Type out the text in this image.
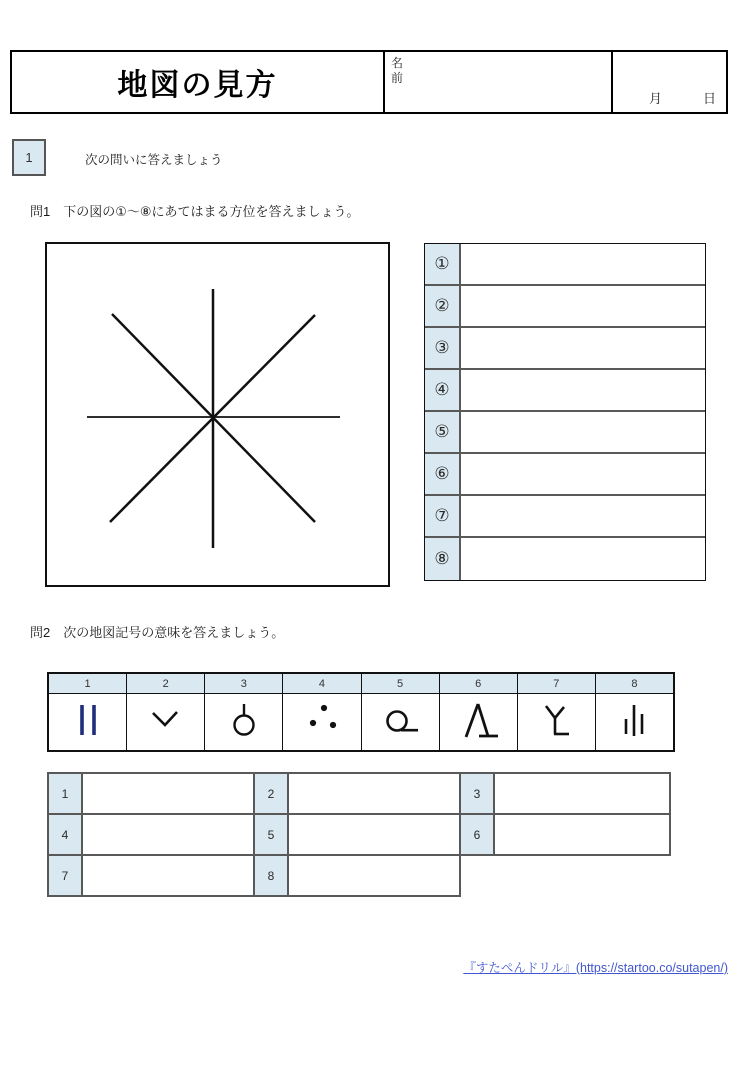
地図の見方
名前
月	日
1	次の問いに答えましょう
問1　下の図の①～⑧にあてはまる方位を答えましょう。
①
②
③
④
⑤
⑥
⑦
⑧
問2　次の地図記号の意味を答えましょう。
1	2	3	4	5	6	7	8
1	2	3
4	5	6
7	8
『すたぺんドリル』(https://startoo.co/sutapen/)
